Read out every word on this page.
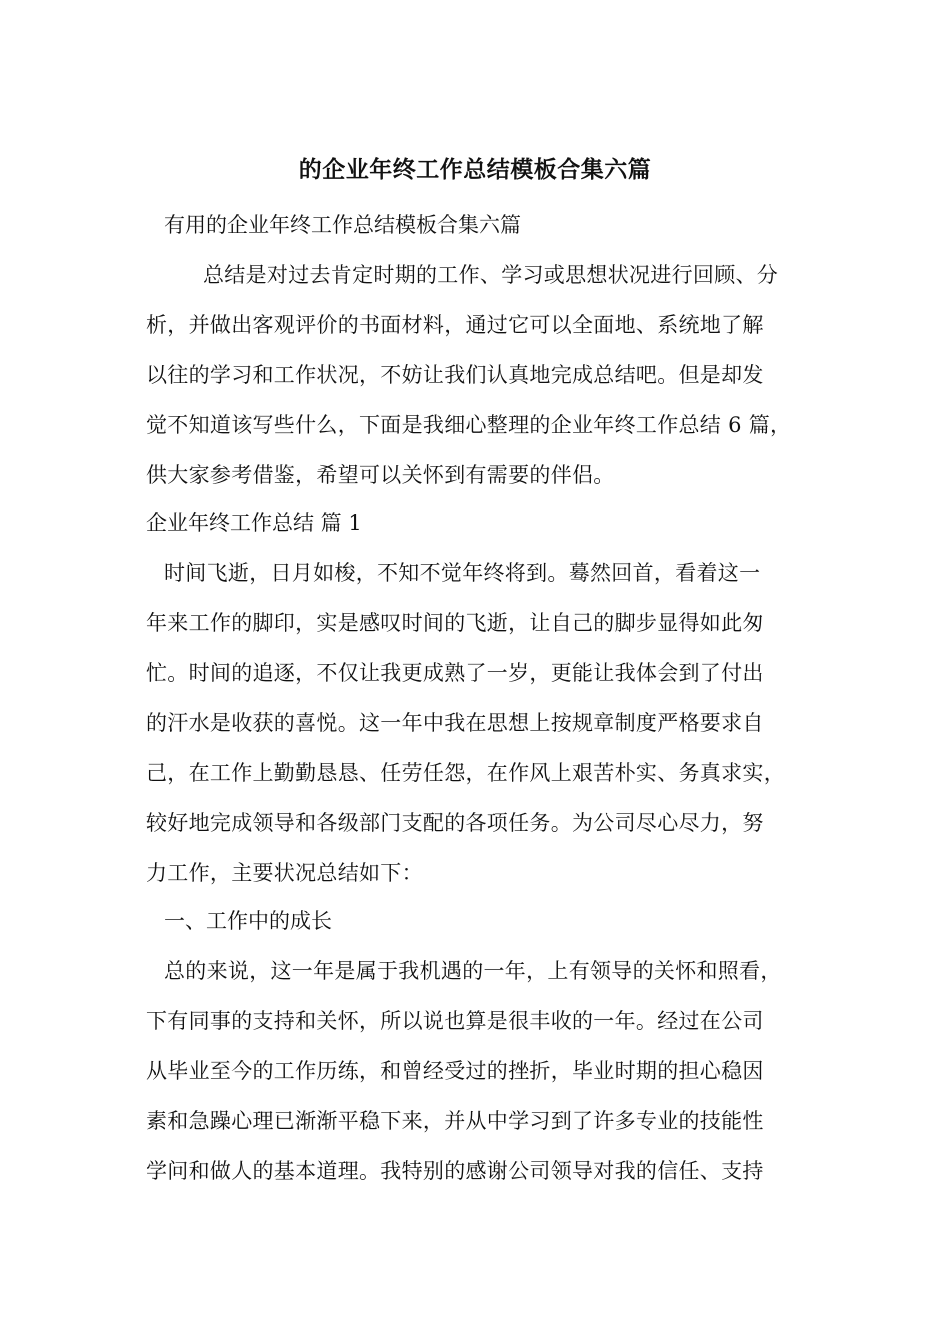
的企业年终工作总结模板合集六篇

有用的企业年终工作总结模板合集六篇

总结是对过去肯定时期的工作、学习或思想状况进行回顾、分

析，并做出客观评价的书面材料，通过它可以全面地、系统地了解

以往的学习和工作状况，不妨让我们认真地完成总结吧。但是却发

觉不知道该写些什么，下面是我细心整理的企业年终工作总结 6 篇，

供大家参考借鉴，希望可以关怀到有需要的伴侣。

企业年终工作总结 篇 1

时间飞逝，日月如梭，不知不觉年终将到。蓦然回首，看着这一

年来工作的脚印，实是感叹时间的飞逝，让自己的脚步显得如此匆

忙。时间的追逐，不仅让我更成熟了一岁，更能让我体会到了付出

的汗水是收获的喜悦。这一年中我在思想上按规章制度严格要求自

己，在工作上勤勤恳恳、任劳任怨，在作风上艰苦朴实、务真求实，

较好地完成领导和各级部门支配的各项任务。为公司尽心尽力，努

力工作，主要状况总结如下：

一、工作中的成长

总的来说，这一年是属于我机遇的一年，上有领导的关怀和照看，

下有同事的支持和关怀，所以说也算是很丰收的一年。经过在公司

从毕业至今的工作历练，和曾经受过的挫折，毕业时期的担心稳因

素和急躁心理已渐渐平稳下来，并从中学习到了许多专业的技能性

学问和做人的基本道理。我特别的感谢公司领导对我的信任、支持
